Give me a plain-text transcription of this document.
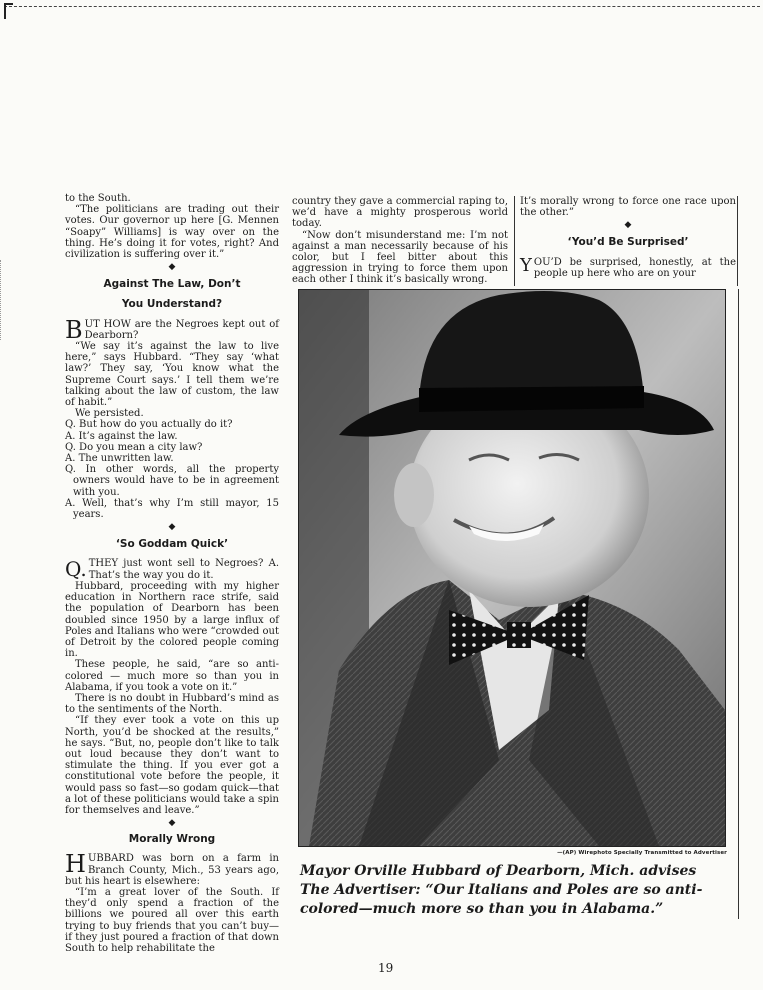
to the South.

“The politicians are trading out their votes. Our governor up here [G. Mennen “Soapy” Williams] is way over on the thing. He’s doing it for votes, right? And civilization is suffering over it.”

◆

Against The Law, Don’t

You Understand?

BUT HOW are the Negroes kept out of Dearborn?

“We say it’s against the law to live here,” says Hubbard. “They say ‘what law?’ They say, ‘You know what the Supreme Court says.’ I tell them we’re talking about the law of custom, the law of habit.”

We persisted.

Q. But how do you actually do it?

A. It’s against the law.

Q. Do you mean a city law?

A. The unwritten law.

Q. In other words, all the property owners would have to be in agreement with you.

A. Well, that’s why I’m still mayor, 15 years.

◆

‘So Goddam Quick’

Q. THEY just wont sell to Negroes? A. That’s the way you do it.

Hubbard, proceeding with my higher education in Northern race strife, said the population of Dearborn has been doubled since 1950 by a large influx of Poles and Italians who were “crowded out of Detroit by the colored people coming in.

These people, he said, “are so anti-colored — much more so than you in Alabama, if you took a vote on it.”

There is no doubt in Hubbard’s mind as to the sentiments of the North.

“If they ever took a vote on this up North, you’d be shocked at the results,” he says. “But, no, people don’t like to talk out loud because they don’t want to stimulate the thing. If you ever got a constitutional vote before the people, it would pass so fast—so godam quick—that a lot of these politicians would take a spin for themselves and leave.”

◆

Morally Wrong

HUBBARD was born on a farm in Branch County, Mich., 53 years ago, but his heart is elsewhere:

“I’m a great lover of the South. If they’d only spend a fraction of the billions we poured all over this earth trying to buy friends that you can’t buy—if they just poured a fraction of that down South to help rehabilitate the

country they gave a commercial raping to, we’d have a mighty prosperous world today.

“Now don’t misunderstand me: I’m not against a man necessarily because of his color, but I feel bitter about this aggression in trying to force them upon each other I think it’s basically wrong.

It’s morally wrong to force one race upon the other.”

◆

‘You’d Be Surprised’

YOU’D be surprised, honestly, at the people up here who are on your

—(AP) Wirephoto Specially Transmitted to Advertiser
Mayor Orville Hubbard of Dearborn, Mich. advises The Advertiser: “Our Italians and Poles are so anti-colored—much more so than you in Alabama.”
19
